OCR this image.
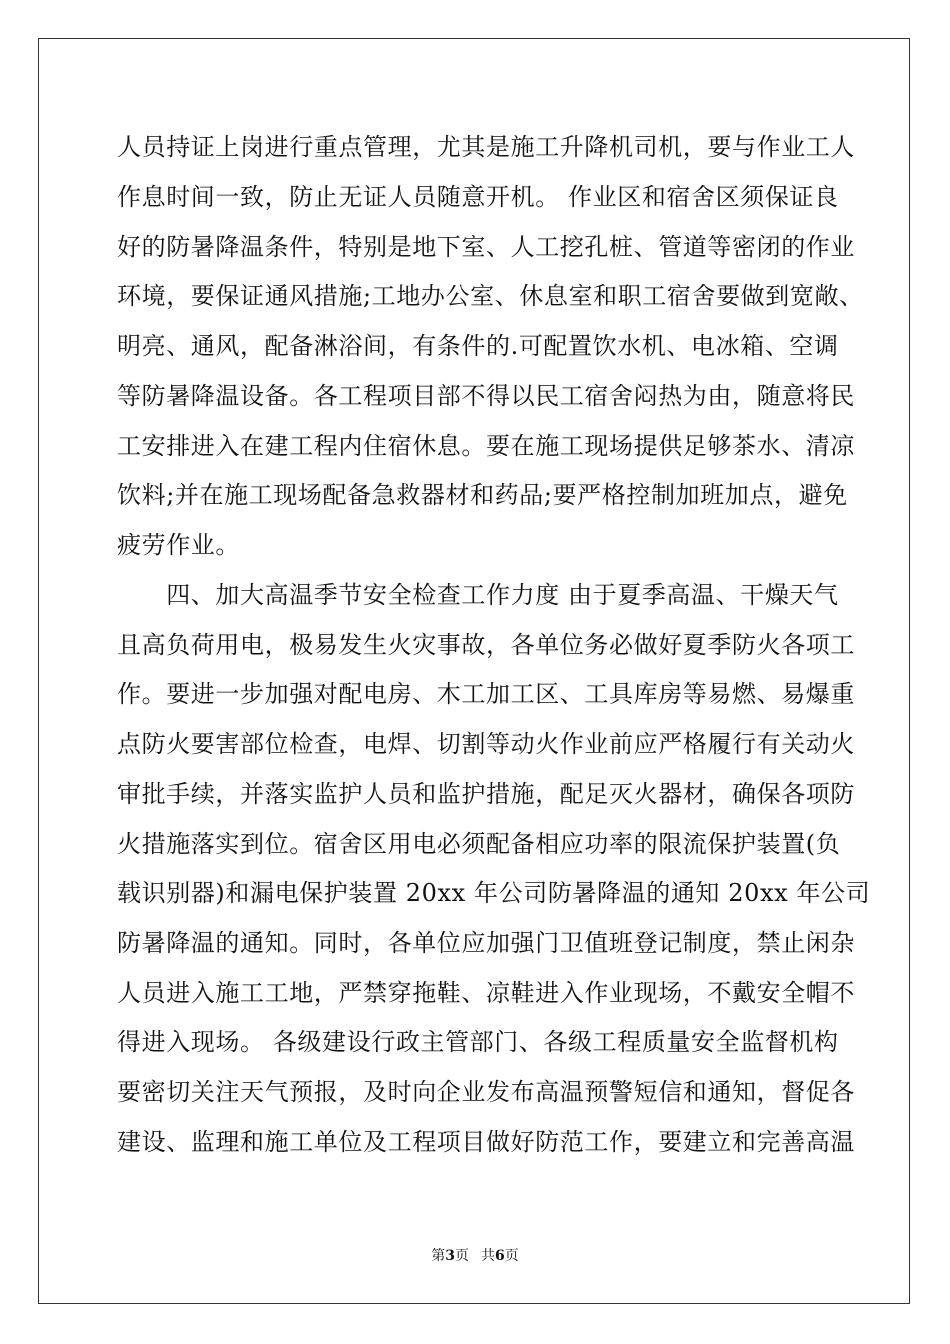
人员持证上岗进行重点管理，尤其是施工升降机司机，要与作业工人
作息时间一致，防止无证人员随意开机。 作业区和宿舍区须保证良
好的防暑降温条件，特别是地下室、人工挖孔桩、管道等密闭的作业
环境，要保证通风措施;工地办公室、休息室和职工宿舍要做到宽敞、
明亮、通风，配备淋浴间，有条件的.可配置饮水机、电冰箱、空调
等防暑降温设备。各工程项目部不得以民工宿舍闷热为由，随意将民
工安排进入在建工程内住宿休息。要在施工现场提供足够茶水、清凉
饮料;并在施工现场配备急救器材和药品;要严格控制加班加点，避免
疲劳作业。
　　四、加大高温季节安全检查工作力度 由于夏季高温、干燥天气
且高负荷用电，极易发生火灾事故，各单位务必做好夏季防火各项工
作。要进一步加强对配电房、木工加工区、工具库房等易燃、易爆重
点防火要害部位检查，电焊、切割等动火作业前应严格履行有关动火
审批手续，并落实监护人员和监护措施，配足灭火器材，确保各项防
火措施落实到位。宿舍区用电必须配备相应功率的限流保护装置(负
载识别器)和漏电保护装置 20xx 年公司防暑降温的通知 20xx 年公司
防暑降温的通知。同时，各单位应加强门卫值班登记制度，禁止闲杂
人员进入施工工地，严禁穿拖鞋、凉鞋进入作业现场，不戴安全帽不
得进入现场。 各级建设行政主管部门、各级工程质量安全监督机构
要密切关注天气预报，及时向企业发布高温预警短信和通知，督促各
建设、监理和施工单位及工程项目做好防范工作，要建立和完善高温
第3页 共6页
